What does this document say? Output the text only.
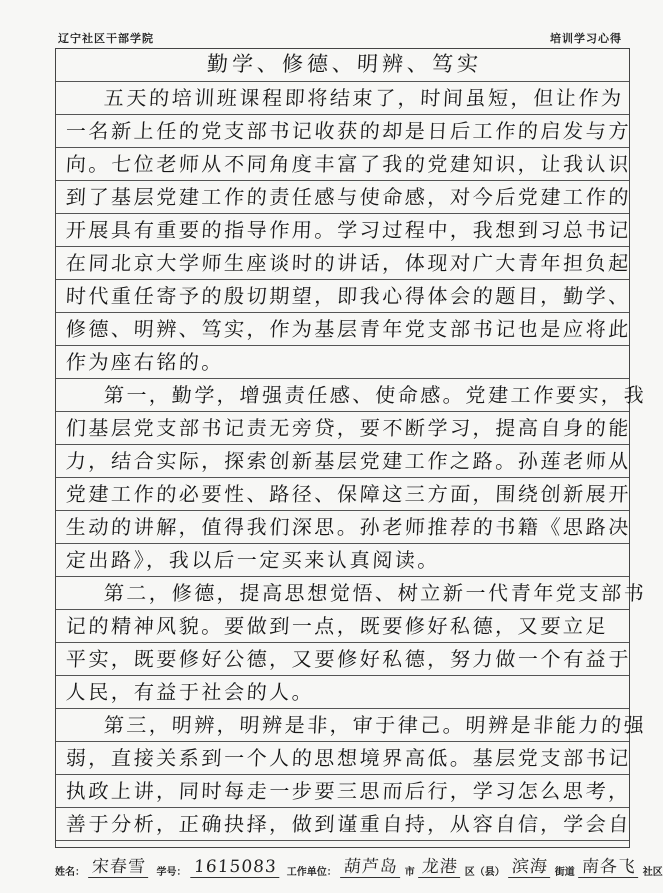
辽宁社区干部学院	培训学习心得
勤学、修德、明辨、笃实
五天的培训班课程即将结束了，时间虽短，但让作为
一名新上任的党支部书记收获的却是日后工作的启发与方
向。七位老师从不同角度丰富了我的党建知识，让我认识
到了基层党建工作的责任感与使命感，对今后党建工作的
开展具有重要的指导作用。学习过程中，我想到习总书记
在同北京大学师生座谈时的讲话，体现对广大青年担负起
时代重任寄予的殷切期望，即我心得体会的题目，勤学、
修德、明辨、笃实，作为基层青年党支部书记也是应将此
作为座右铭的。
第一，勤学，增强责任感、使命感。党建工作要实，我
们基层党支部书记责无旁贷，要不断学习，提高自身的能
力，结合实际，探索创新基层党建工作之路。孙莲老师从
党建工作的必要性、路径、保障这三方面，围绕创新展开
生动的讲解，值得我们深思。孙老师推荐的书籍《思路决
定出路》，我以后一定买来认真阅读。
第二，修德，提高思想觉悟、树立新一代青年党支部书
记的精神风貌。要做到一点，既要修好私德，又要立足
平实，既要修好公德，又要修好私德，努力做一个有益于
人民，有益于社会的人。
第三，明辨，明辨是非，审于律己。明辨是非能力的强
弱，直接关系到一个人的思想境界高低。基层党支部书记
执政上讲，同时每走一步要三思而后行，学习怎么思考，
善于分析，正确抉择，做到谨重自持，从容自信，学会自
姓名： 宋春雪 学号： 1615083 工作单位： 葫芦岛 市 龙港 区（县） 滨海 街道 南各飞 社区
